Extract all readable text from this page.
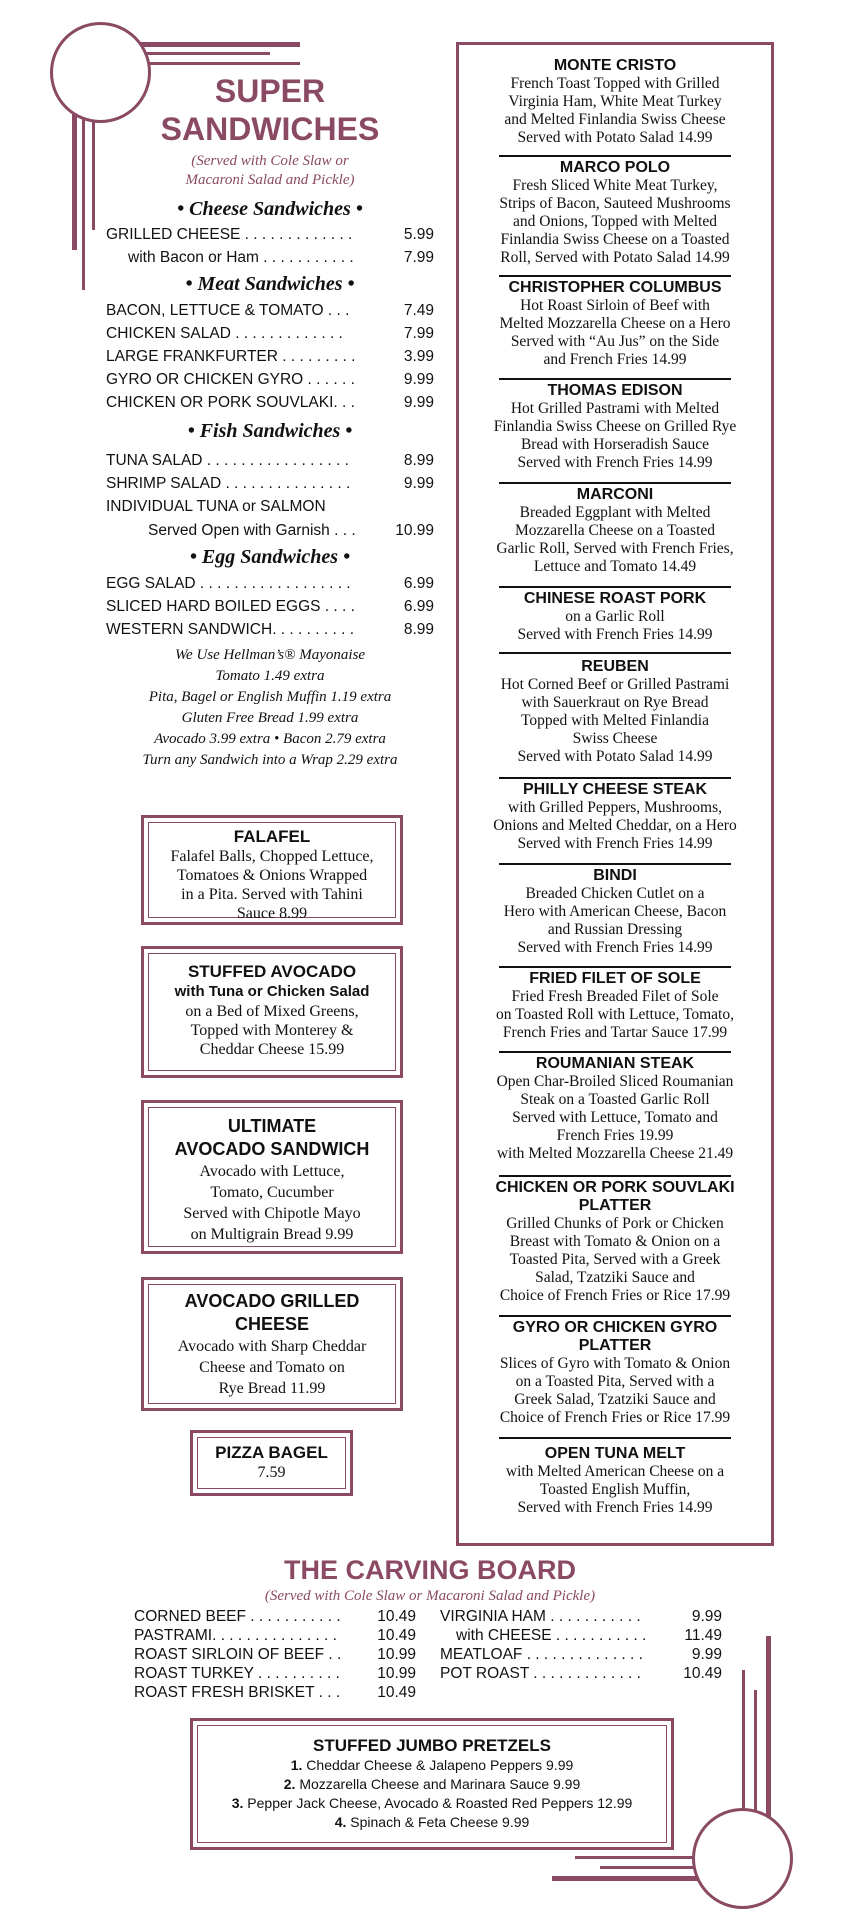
SUPER
SANDWICHES
(Served with Cole Slaw or
Macaroni Salad and Pickle)
• Cheese Sandwiches •
GRILLED CHEESE . . . . . . . . . . . . .	5.99
with Bacon or Ham . . . . . . . . . . .	7.99
• Meat Sandwiches •
BACON, LETTUCE & TOMATO . . .	7.49
CHICKEN SALAD . . . . . . . . . . . . .	7.99
LARGE FRANKFURTER . . . . . . . . .	3.99
GYRO OR CHICKEN GYRO . . . . . .	9.99
CHICKEN OR PORK SOUVLAKI. . .	9.99
• Fish Sandwiches •
TUNA SALAD . . . . . . . . . . . . . . . . .	8.99
SHRIMP SALAD . . . . . . . . . . . . . . .	9.99
INDIVIDUAL TUNA or SALMON
Served Open with Garnish . . .	10.99
• Egg Sandwiches •
EGG SALAD . . . . . . . . . . . . . . . . . .	6.99
SLICED HARD BOILED EGGS . . . .	6.99
WESTERN SANDWICH. . . . . . . . . .	8.99
We Use Hellman’s® Mayonaise
Tomato 1.49 extra
Pita, Bagel or English Muffin 1.19 extra
Gluten Free Bread 1.99 extra
Avocado 3.99 extra • Bacon 2.79 extra
Turn any Sandwich into a Wrap 2.29 extra
FALAFEL
Falafel Balls, Chopped Lettuce,
Tomatoes & Onions Wrapped
in a Pita. Served with Tahini
Sauce 8.99
STUFFED AVOCADO
with Tuna or Chicken Salad
on a Bed of Mixed Greens,
Topped with Monterey &
Cheddar Cheese 15.99
ULTIMATE
AVOCADO SANDWICH
Avocado with Lettuce,
Tomato, Cucumber
Served with Chipotle Mayo
on Multigrain Bread 9.99
AVOCADO GRILLED
CHEESE
Avocado with Sharp Cheddar
Cheese and Tomato on
Rye Bread 11.99
PIZZA BAGEL
7.59
MONTE CRISTO
French Toast Topped with Grilled
Virginia Ham, White Meat Turkey
and Melted Finlandia Swiss Cheese
Served with Potato Salad 14.99
MARCO POLO
Fresh Sliced White Meat Turkey,
Strips of Bacon, Sauteed Mushrooms
and Onions, Topped with Melted
Finlandia Swiss Cheese on a Toasted
Roll, Served with Potato Salad 14.99
CHRISTOPHER COLUMBUS
Hot Roast Sirloin of Beef with
Melted Mozzarella Cheese on a Hero
Served with “Au Jus” on the Side
and French Fries 14.99
THOMAS EDISON
Hot Grilled Pastrami with Melted
Finlandia Swiss Cheese on Grilled Rye
Bread with Horseradish Sauce
Served with French Fries 14.99
MARCONI
Breaded Eggplant with Melted
Mozzarella Cheese on a Toasted
Garlic Roll, Served with French Fries,
Lettuce and Tomato 14.49
CHINESE ROAST PORK
on a Garlic Roll
Served with French Fries 14.99
REUBEN
Hot Corned Beef or Grilled Pastrami
with Sauerkraut on Rye Bread
Topped with Melted Finlandia
Swiss Cheese
Served with Potato Salad 14.99
PHILLY CHEESE STEAK
with Grilled Peppers, Mushrooms,
Onions and Melted Cheddar, on a Hero
Served with French Fries 14.99
BINDI
Breaded Chicken Cutlet on a
Hero with American Cheese, Bacon
and Russian Dressing
Served with French Fries 14.99
FRIED FILET OF SOLE
Fried Fresh Breaded Filet of Sole
on Toasted Roll with Lettuce, Tomato,
French Fries and Tartar Sauce 17.99
ROUMANIAN STEAK
Open Char-Broiled Sliced Roumanian
Steak on a Toasted Garlic Roll
Served with Lettuce, Tomato and
French Fries 19.99
with Melted Mozzarella Cheese 21.49
CHICKEN OR PORK SOUVLAKI
PLATTER
Grilled Chunks of Pork or Chicken
Breast with Tomato & Onion on a
Toasted Pita, Served with a Greek
Salad, Tzatziki Sauce and
Choice of French Fries or Rice 17.99
GYRO OR CHICKEN GYRO
PLATTER
Slices of Gyro with Tomato & Onion
on a Toasted Pita, Served with a
Greek Salad, Tzatziki Sauce and
Choice of French Fries or Rice 17.99
OPEN TUNA MELT
with Melted American Cheese on a
Toasted English Muffin,
Served with French Fries 14.99
THE CARVING BOARD
(Served with Cole Slaw or Macaroni Salad and Pickle)
CORNED BEEF . . . . . . . . . . . 10.49
PASTRAMI. . . . . . . . . . . . . . .	10.49
ROAST SIRLOIN OF BEEF . . 10.99
ROAST TURKEY . . . . . . . . . . 10.99
ROAST FRESH BRISKET . . . 10.49
VIRGINIA HAM . . . . . . . . . . .	9.99
with CHEESE . . . . . . . . . . . 11.49
MEATLOAF . . . . . . . . . . . . . .	9.99
POT ROAST . . . . . . . . . . . . .	10.49
STUFFED JUMBO PRETZELS
1. Cheddar Cheese & Jalapeno Peppers 9.99
2. Mozzarella Cheese and Marinara Sauce 9.99
3. Pepper Jack Cheese, Avocado & Roasted Red Peppers 12.99
4. Spinach & Feta Cheese 9.99
